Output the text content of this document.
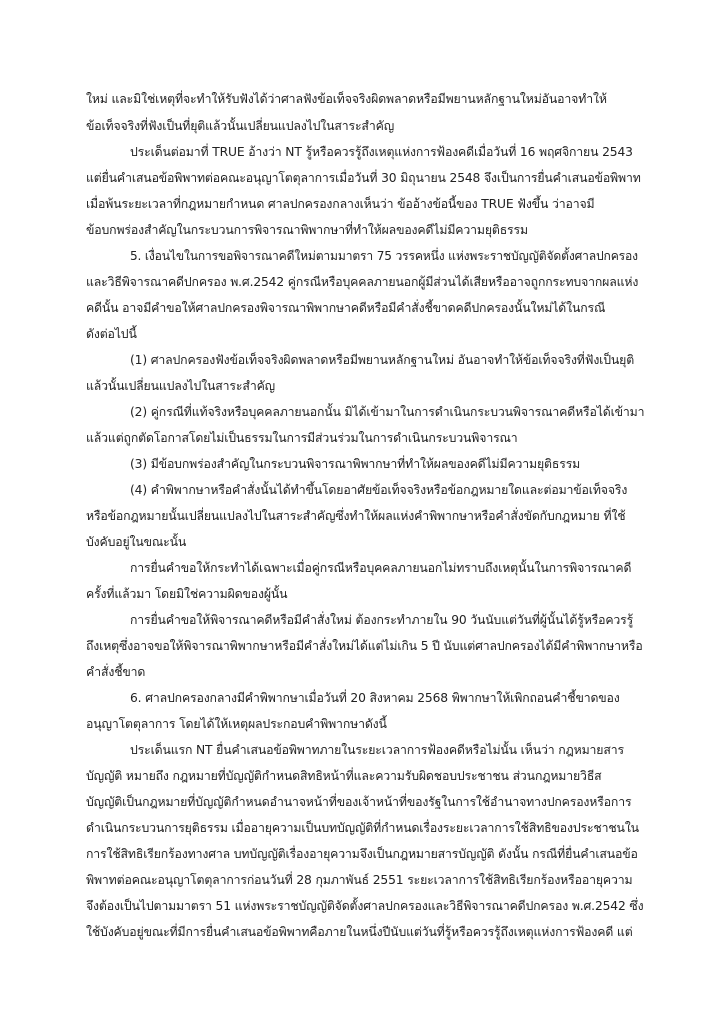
ใหม่ และมิใช่เหตุที่จะทำให้รับฟังได้ว่าศาลฟังข้อเท็จจริงผิดพลาดหรือมีพยานหลักฐานใหม่อันอาจทำให้
ข้อเท็จจริงที่ฟังเป็นที่ยุติแล้วนั้นเปลี่ยนแปลงไปในสาระสำคัญ
ประเด็นต่อมาที่ TRUE อ้างว่า NT รู้หรือควรรู้ถึงเหตุแห่งการฟ้องคดีเมื่อวันที่ 16 พฤศจิกายน 2543
แต่ยื่นคำเสนอข้อพิพาทต่อคณะอนุญาโตตุลาการเมื่อวันที่ 30 มิถุนายน 2548 จึงเป็นการยื่นคำเสนอข้อพิพาท
เมื่อพ้นระยะเวลาที่กฎหมายกำหนด ศาลปกครองกลางเห็นว่า ข้ออ้างข้อนี้ของ TRUE ฟังขึ้น ว่าอาจมี
ข้อบกพร่องสำคัญในกระบวนการพิจารณาพิพากษาที่ทำให้ผลของคดีไม่มีความยุติธรรม
5. เงื่อนไขในการขอพิจารณาคดีใหม่ตามมาตรา 75 วรรคหนึ่ง แห่งพระราชบัญญัติจัดตั้งศาลปกครอง
และวิธีพิจารณาคดีปกครอง พ.ศ.2542 คู่กรณีหรือบุคคลภายนอกผู้มีส่วนได้เสียหรืออาจถูกกระทบจากผลแห่ง
คดีนั้น อาจมีคำขอให้ศาลปกครองพิจารณาพิพากษาคดีหรือมีคำสั่งชี้ขาดคดีปกครองนั้นใหม่ได้ในกรณี
ดังต่อไปนี้
(1) ศาลปกครองฟังข้อเท็จจริงผิดพลาดหรือมีพยานหลักฐานใหม่ อันอาจทำให้ข้อเท็จจริงที่ฟังเป็นยุติ
แล้วนั้นเปลี่ยนแปลงไปในสาระสำคัญ
(2) คู่กรณีที่แท้จริงหรือบุคคลภายนอกนั้น มิได้เข้ามาในการดำเนินกระบวนพิจารณาคดีหรือได้เข้ามา
แล้วแต่ถูกตัดโอกาสโดยไม่เป็นธรรมในการมีส่วนร่วมในการดำเนินกระบวนพิจารณา
(3) มีข้อบกพร่องสำคัญในกระบวนพิจารณาพิพากษาที่ทำให้ผลของคดีไม่มีความยุติธรรม
(4) คำพิพากษาหรือคำสั่งนั้นได้ทำขึ้นโดยอาศัยข้อเท็จจริงหรือข้อกฎหมายใดและต่อมาข้อเท็จจริง
หรือข้อกฎหมายนั้นเปลี่ยนแปลงไปในสาระสำคัญซึ่งทำให้ผลแห่งคำพิพากษาหรือคำสั่งขัดกับกฎหมาย ที่ใช้
บังคับอยู่ในขณะนั้น
การยื่นคำขอให้กระทำได้เฉพาะเมื่อคู่กรณีหรือบุคคลภายนอกไม่ทราบถึงเหตุนั้นในการพิจารณาคดี
ครั้งที่แล้วมา โดยมิใช่ความผิดของผู้นั้น
การยื่นคำขอให้พิจารณาคดีหรือมีคำสั่งใหม่ ต้องกระทำภายใน 90 วันนับแต่วันที่ผู้นั้นได้รู้หรือควรรู้
ถึงเหตุซึ่งอาจขอให้พิจารณาพิพากษาหรือมีคำสั่งใหม่ได้แต่ไม่เกิน 5 ปี นับแต่ศาลปกครองได้มีคำพิพากษาหรือ
คำสั่งชี้ขาด
6. ศาลปกครองกลางมีคำพิพากษาเมื่อวันที่ 20 สิงหาคม 2568 พิพากษาให้เพิกถอนคำชี้ขาดของ
อนุญาโตตุลาการ โดยได้ให้เหตุผลประกอบคำพิพากษาดังนี้
ประเด็นแรก NT ยื่นคำเสนอข้อพิพาทภายในระยะเวลาการฟ้องคดีหรือไม่นั้น เห็นว่า กฎหมายสาร
บัญญัติ หมายถึง กฎหมายที่บัญญัติกำหนดสิทธิหน้าที่และความรับผิดชอบประชาชน ส่วนกฎหมายวิธีส
บัญญัติเป็นกฎหมายที่บัญญัติกำหนดอำนาจหน้าที่ของเจ้าหน้าที่ของรัฐในการใช้อำนาจทางปกครองหรือการ
ดำเนินกระบวนการยุติธรรม เมื่ออายุความเป็นบทบัญญัติที่กำหนดเรื่องระยะเวลาการใช้สิทธิของประชาชนใน
การใช้สิทธิเรียกร้องทางศาล บทบัญญัติเรื่องอายุความจึงเป็นกฎหมายสารบัญญัติ ดังนั้น กรณีที่ยื่นคำเสนอข้อ
พิพาทต่อคณะอนุญาโตตุลาการก่อนวันที่ 28 กุมภาพันธ์ 2551 ระยะเวลาการใช้สิทธิเรียกร้องหรืออายุความ
จึงต้องเป็นไปตามมาตรา 51 แห่งพระราชบัญญัติจัดตั้งศาลปกครองและวิธีพิจารณาคดีปกครอง พ.ศ.2542 ซึ่ง
ใช้บังคับอยู่ขณะที่มีการยื่นคำเสนอข้อพิพาทคือภายในหนึ่งปีนับแต่วันที่รู้หรือควรรู้ถึงเหตุแห่งการฟ้องคดี แต่
